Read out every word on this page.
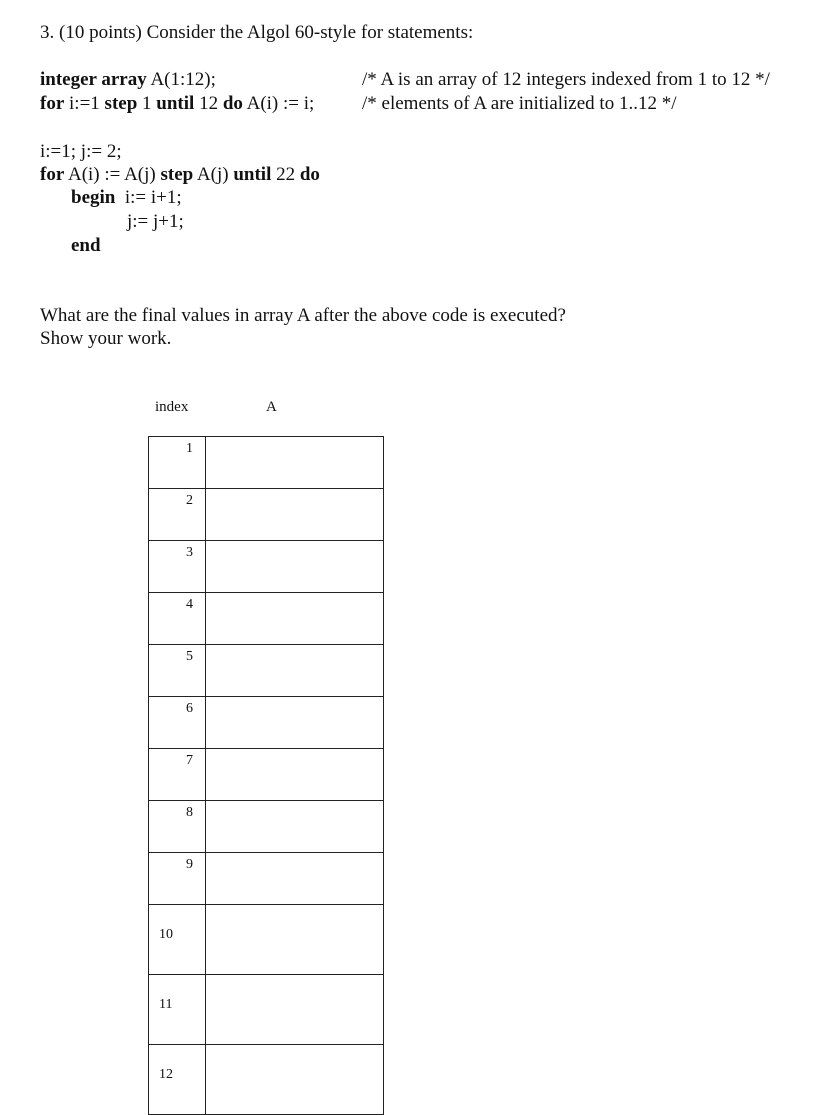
3. (10 points) Consider the Algol 60-style for statements:
integer array A(1:12);	/* A is an array of 12 integers indexed from 1 to 12 */
for i:=1 step 1 until 12 do A(i) := i;	/* elements of A are initialized to 1..12 */
i:=1; j:= 2;
for A(i) := A(j) step A(j) until 22 do
begin  i:= i+1;
j:= j+1;
end
What are the final values in array A after the above code is executed?
Show your work.
index	A
1	
2	
3	
4	
5	
6	
7	
8	
9	
10	
11	
12	
